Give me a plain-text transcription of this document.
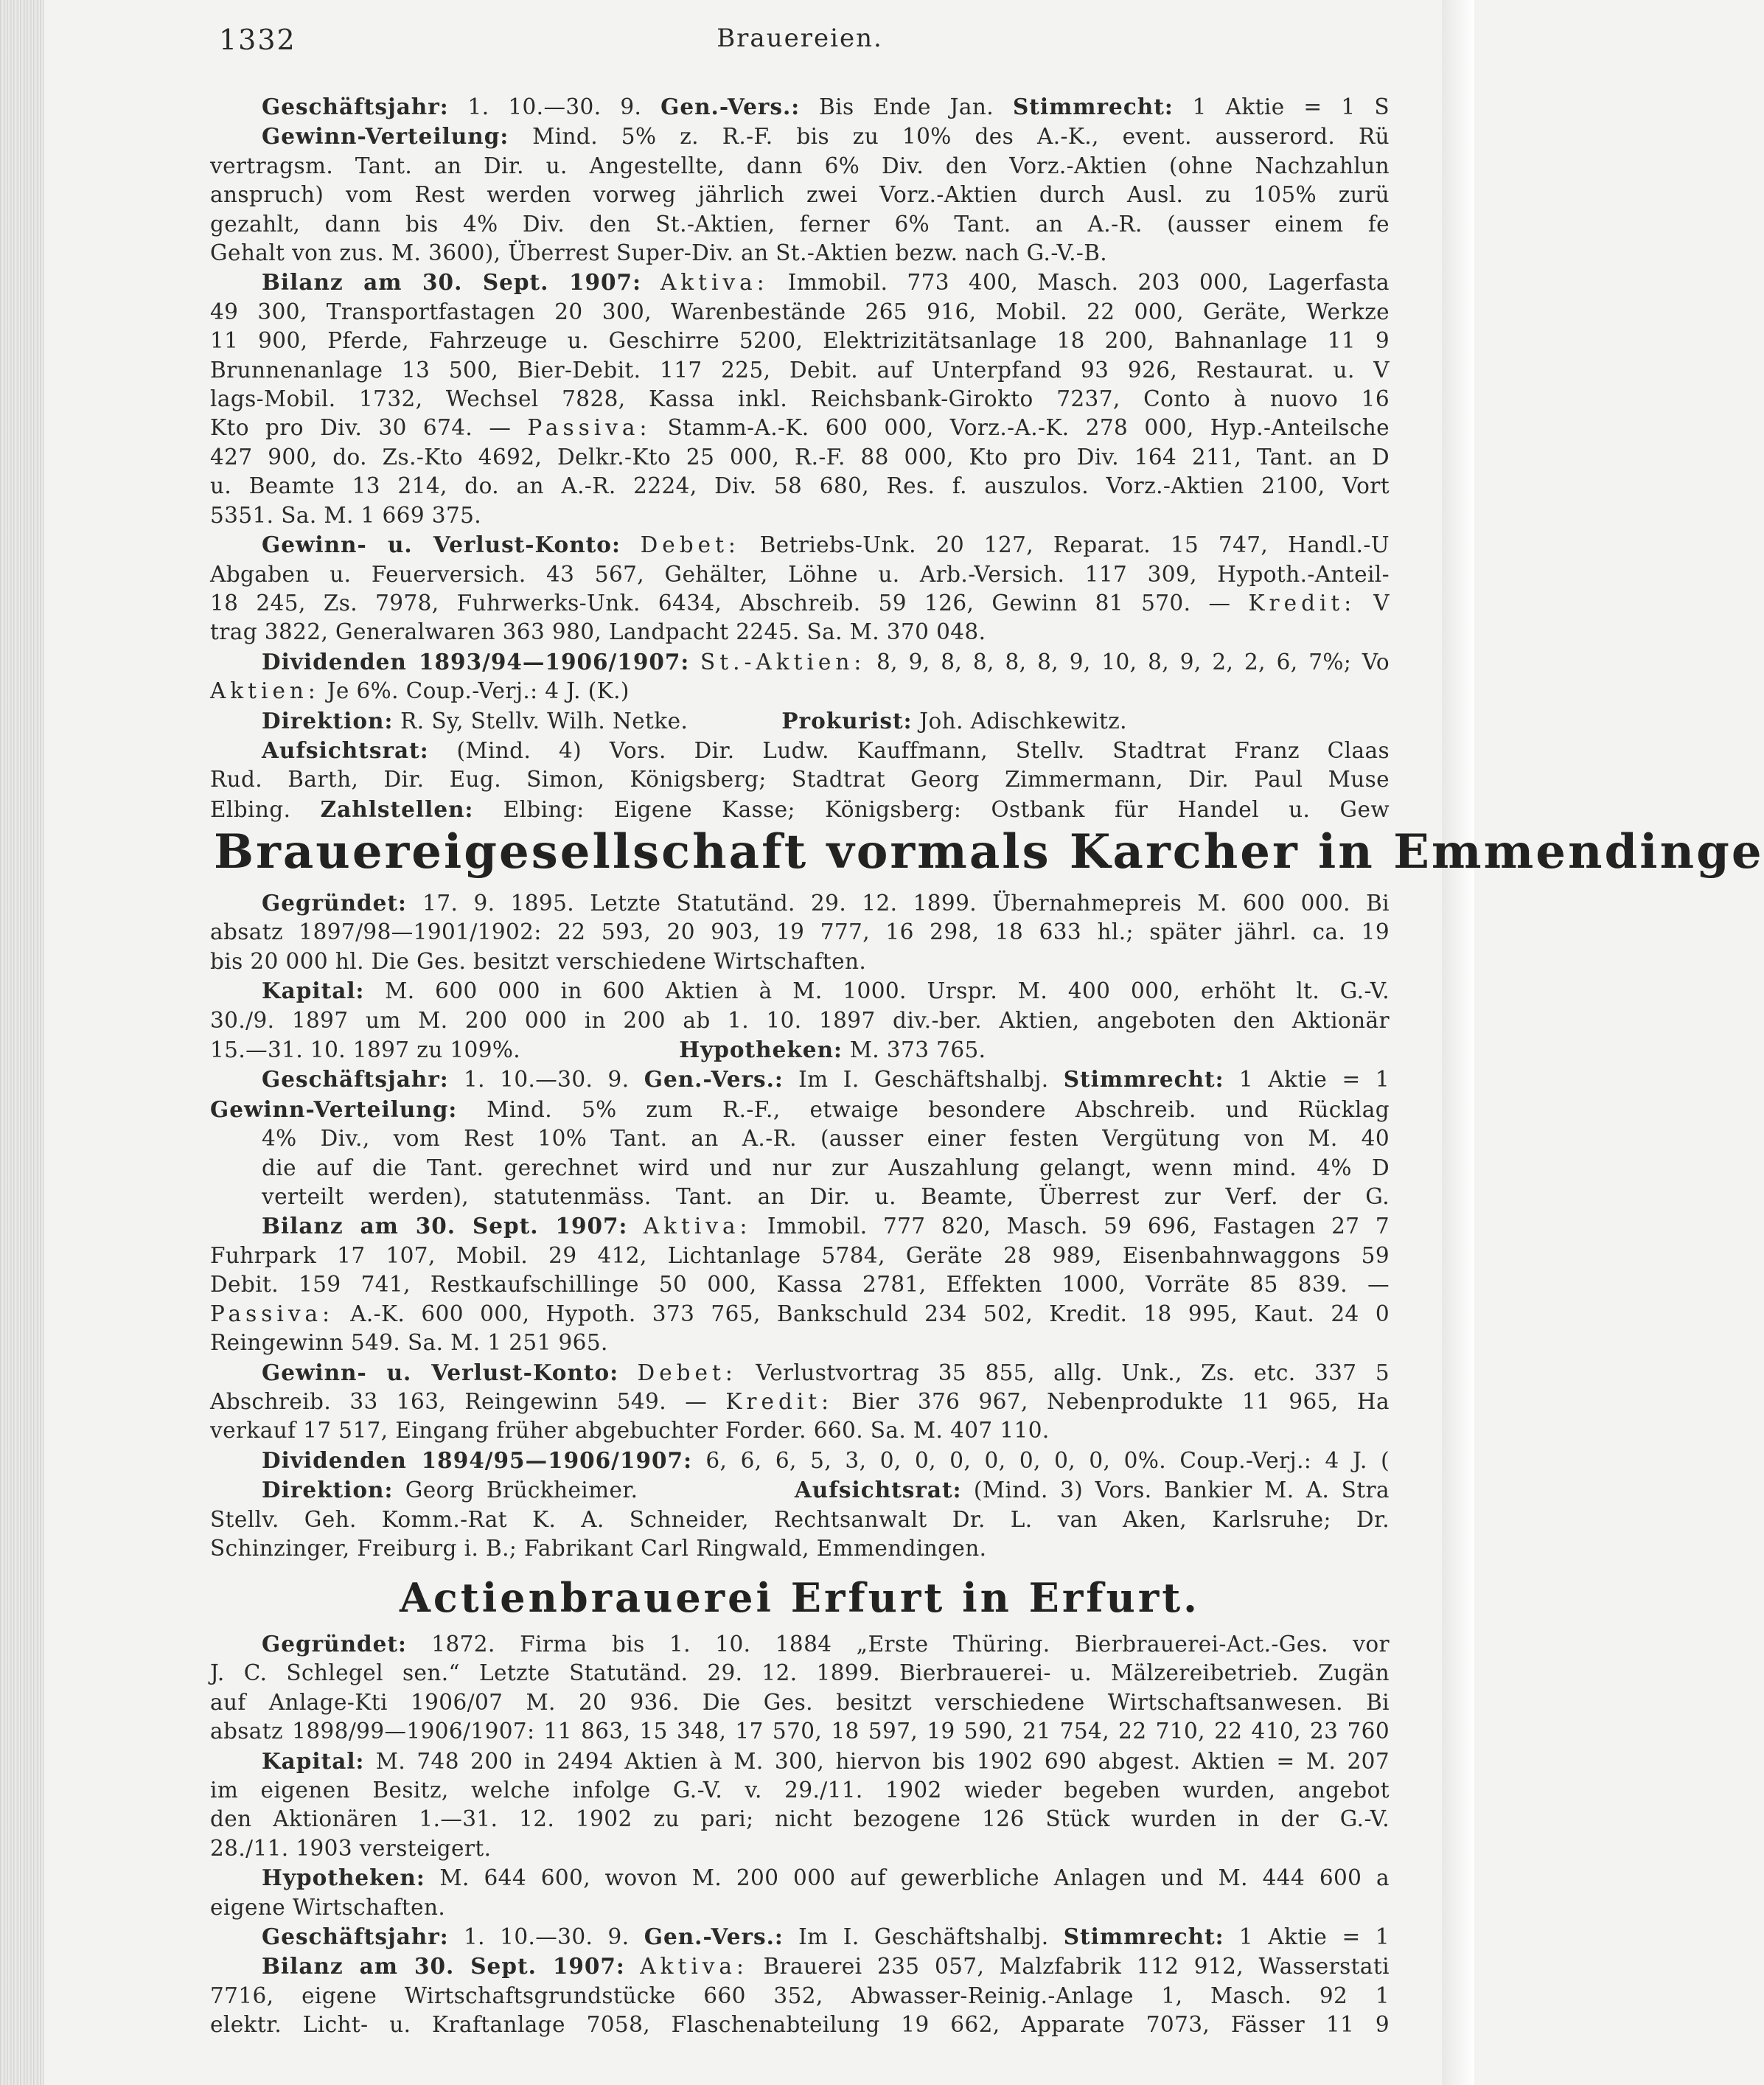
1332	Brauereien.

Geschäftsjahr: 1. 10.—30. 9. Gen.-Vers.: Bis Ende Jan. Stimmrecht: 1 Aktie = 1 S

Gewinn-Verteilung: Mind. 5% z. R.-F. bis zu 10% des A.-K., event. ausserord. Rü

vertragsm. Tant. an Dir. u. Angestellte, dann 6% Div. den Vorz.-Aktien (ohne Nachzahlun

anspruch) vom Rest werden vorweg jährlich zwei Vorz.-Aktien durch Ausl. zu 105% zurü

gezahlt, dann bis 4% Div. den St.-Aktien, ferner 6% Tant. an A.-R. (ausser einem fe

Gehalt von zus. M. 3600), Überrest Super-Div. an St.-Aktien bezw. nach G.-V.-B.

Bilanz am 30. Sept. 1907: Aktiva: Immobil. 773 400, Masch. 203 000, Lagerfasta

49 300, Transportfastagen 20 300, Warenbestände 265 916, Mobil. 22 000, Geräte, Werkze

11 900, Pferde, Fahrzeuge u. Geschirre 5200, Elektrizitätsanlage 18 200, Bahnanlage 11 9

Brunnenanlage 13 500, Bier-Debit. 117 225, Debit. auf Unterpfand 93 926, Restaurat. u. V

lags-Mobil. 1732, Wechsel 7828, Kassa inkl. Reichsbank-Girokto 7237, Conto à nuovo 16

Kto pro Div. 30 674. — Passiva: Stamm-A.-K. 600 000, Vorz.-A.-K. 278 000, Hyp.-Anteilsche

427 900, do. Zs.-Kto 4692, Delkr.-Kto 25 000, R.-F. 88 000, Kto pro Div. 164 211, Tant. an D

u. Beamte 13 214, do. an A.-R. 2224, Div. 58 680, Res. f. auszulos. Vorz.-Aktien 2100, Vort

5351. Sa. M. 1 669 375.

Gewinn- u. Verlust-Konto: Debet: Betriebs-Unk. 20 127, Reparat. 15 747, Handl.-U

Abgaben u. Feuerversich. 43 567, Gehälter, Löhne u. Arb.-Versich. 117 309, Hypoth.-Anteil-

18 245, Zs. 7978, Fuhrwerks-Unk. 6434, Abschreib. 59 126, Gewinn 81 570. — Kredit: V

trag 3822, Generalwaren 363 980, Landpacht 2245. Sa. M. 370 048.

Dividenden 1893/94—1906/1907: St.-Aktien: 8, 9, 8, 8, 8, 8, 9, 10, 8, 9, 2, 2, 6, 7%; Vo

Aktien: Je 6%. Coup.-Verj.: 4 J. (K.)

Direktion: R. Sy, Stellv. Wilh. Netke.	Prokurist: Joh. Adischkewitz.

Aufsichtsrat: (Mind. 4) Vors. Dir. Ludw. Kauffmann, Stellv. Stadtrat Franz Claas

Rud. Barth, Dir. Eug. Simon, Königsberg; Stadtrat Georg Zimmermann, Dir. Paul Muse

Elbing. Zahlstellen: Elbing: Eigene Kasse; Königsberg: Ostbank für Handel u. Gew

Brauereigesellschaft vormals Karcher in Emmendinge

Gegründet: 17. 9. 1895. Letzte Statutänd. 29. 12. 1899. Übernahmepreis M. 600 000. Bi

absatz 1897/98—1901/1902: 22 593, 20 903, 19 777, 16 298, 18 633 hl.; später jährl. ca. 19

bis 20 000 hl. Die Ges. besitzt verschiedene Wirtschaften.

Kapital: M. 600 000 in 600 Aktien à M. 1000. Urspr. M. 400 000, erhöht lt. G.-V.

30./9. 1897 um M. 200 000 in 200 ab 1. 10. 1897 div.-ber. Aktien, angeboten den Aktionär

15.—31. 10. 1897 zu 109%.	Hypotheken: M. 373 765.

Geschäftsjahr: 1. 10.—30. 9. Gen.-Vers.: Im I. Geschäftshalbj. Stimmrecht: 1 Aktie = 1

Gewinn-Verteilung: Mind. 5% zum R.-F., etwaige besondere Abschreib. und Rücklag

4% Div., vom Rest 10% Tant. an A.-R. (ausser einer festen Vergütung von M. 40

die auf die Tant. gerechnet wird und nur zur Auszahlung gelangt, wenn mind. 4% D

verteilt werden), statutenmäss. Tant. an Dir. u. Beamte, Überrest zur Verf. der G.

Bilanz am 30. Sept. 1907: Aktiva: Immobil. 777 820, Masch. 59 696, Fastagen 27 7

Fuhrpark 17 107, Mobil. 29 412, Lichtanlage 5784, Geräte 28 989, Eisenbahnwaggons 59

Debit. 159 741, Restkaufschillinge 50 000, Kassa 2781, Effekten 1000, Vorräte 85 839. —

Passiva: A.-K. 600 000, Hypoth. 373 765, Bankschuld 234 502, Kredit. 18 995, Kaut. 24 0

Reingewinn 549. Sa. M. 1 251 965.

Gewinn- u. Verlust-Konto: Debet: Verlustvortrag 35 855, allg. Unk., Zs. etc. 337 5

Abschreib. 33 163, Reingewinn 549. — Kredit: Bier 376 967, Nebenprodukte 11 965, Ha

verkauf 17 517, Eingang früher abgebuchter Forder. 660. Sa. M. 407 110.

Dividenden 1894/95—1906/1907: 6, 6, 6, 5, 3, 0, 0, 0, 0, 0, 0, 0, 0%. Coup.-Verj.: 4 J. (

Direktion: Georg Brückheimer.	Aufsichtsrat: (Mind. 3) Vors. Bankier M. A. Stra

Stellv. Geh. Komm.-Rat K. A. Schneider, Rechtsanwalt Dr. L. van Aken, Karlsruhe; Dr.

Schinzinger, Freiburg i. B.; Fabrikant Carl Ringwald, Emmendingen.

Actienbrauerei Erfurt in Erfurt.

Gegründet: 1872. Firma bis 1. 10. 1884 „Erste Thüring. Bierbrauerei-Act.-Ges. vor

J. C. Schlegel sen.“ Letzte Statutänd. 29. 12. 1899. Bierbrauerei- u. Mälzereibetrieb. Zugän

auf Anlage-Kti 1906/07 M. 20 936. Die Ges. besitzt verschiedene Wirtschaftsanwesen. Bi

absatz 1898/99—1906/1907: 11 863, 15 348, 17 570, 18 597, 19 590, 21 754, 22 710, 22 410, 23 760

Kapital: M. 748 200 in 2494 Aktien à M. 300, hiervon bis 1902 690 abgest. Aktien = M. 207

im eigenen Besitz, welche infolge G.-V. v. 29./11. 1902 wieder begeben wurden, angebot

den Aktionären 1.—31. 12. 1902 zu pari; nicht bezogene 126 Stück wurden in der G.-V.

28./11. 1903 versteigert.

Hypotheken: M. 644 600, wovon M. 200 000 auf gewerbliche Anlagen und M. 444 600 a

eigene Wirtschaften.

Geschäftsjahr: 1. 10.—30. 9. Gen.-Vers.: Im I. Geschäftshalbj. Stimmrecht: 1 Aktie = 1

Bilanz am 30. Sept. 1907: Aktiva: Brauerei 235 057, Malzfabrik 112 912, Wasserstati

7716, eigene Wirtschaftsgrundstücke 660 352, Abwasser-Reinig.-Anlage 1, Masch. 92 1

elektr. Licht- u. Kraftanlage 7058, Flaschenabteilung 19 662, Apparate 7073, Fässer 11 9
